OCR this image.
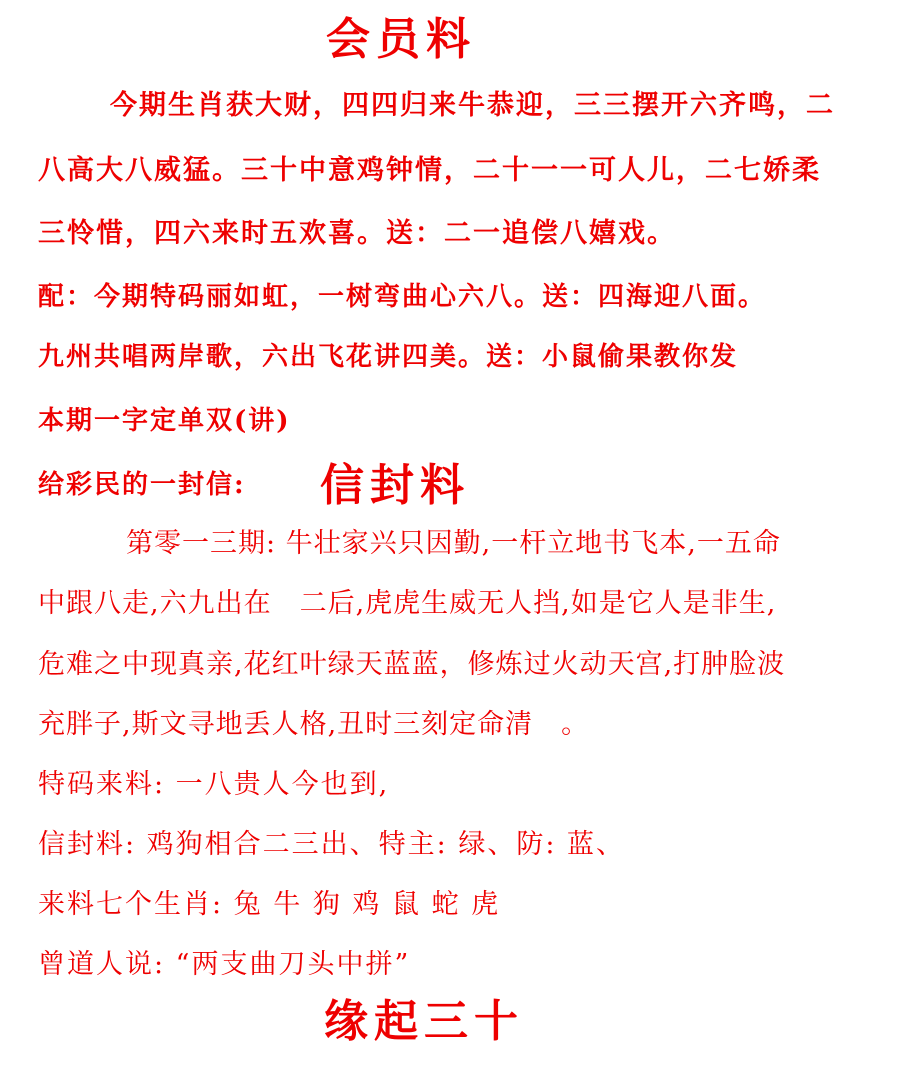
会员料
今期生肖获大财，四四归来牛恭迎，三三摆开六齐鸣，二
八高大八威猛。三十中意鸡钟情，二十一一可人儿，二七娇柔
三怜惜，四六来时五欢喜。送：二一追偿八嬉戏。
配：今期特码丽如虹，一树弯曲心六八。送：四海迎八面。
九州共唱两岸歌，六出飞花讲四美。送：小鼠偷果教你发
本期一字定单双(讲)
给彩民的一封信: 信封料
第零一三期: 牛壮家兴只因勤,一杆立地书飞本,一五命
中跟八走,六九出在　二后,虎虎生威无人挡,如是它人是非生,
危难之中现真亲,花红叶绿天蓝蓝，修炼过火动天宫,打肿脸波
充胖子,斯文寻地丢人格,丑时三刻定命清　。
特码来料: 一八贵人今也到,
信封料: 鸡狗相合二三出、特主: 绿、防: 蓝、
来料七个生肖: 兔 牛 狗 鸡 鼠 蛇 虎
曾道人说: “两支曲刀头中拼”
缘起三十
